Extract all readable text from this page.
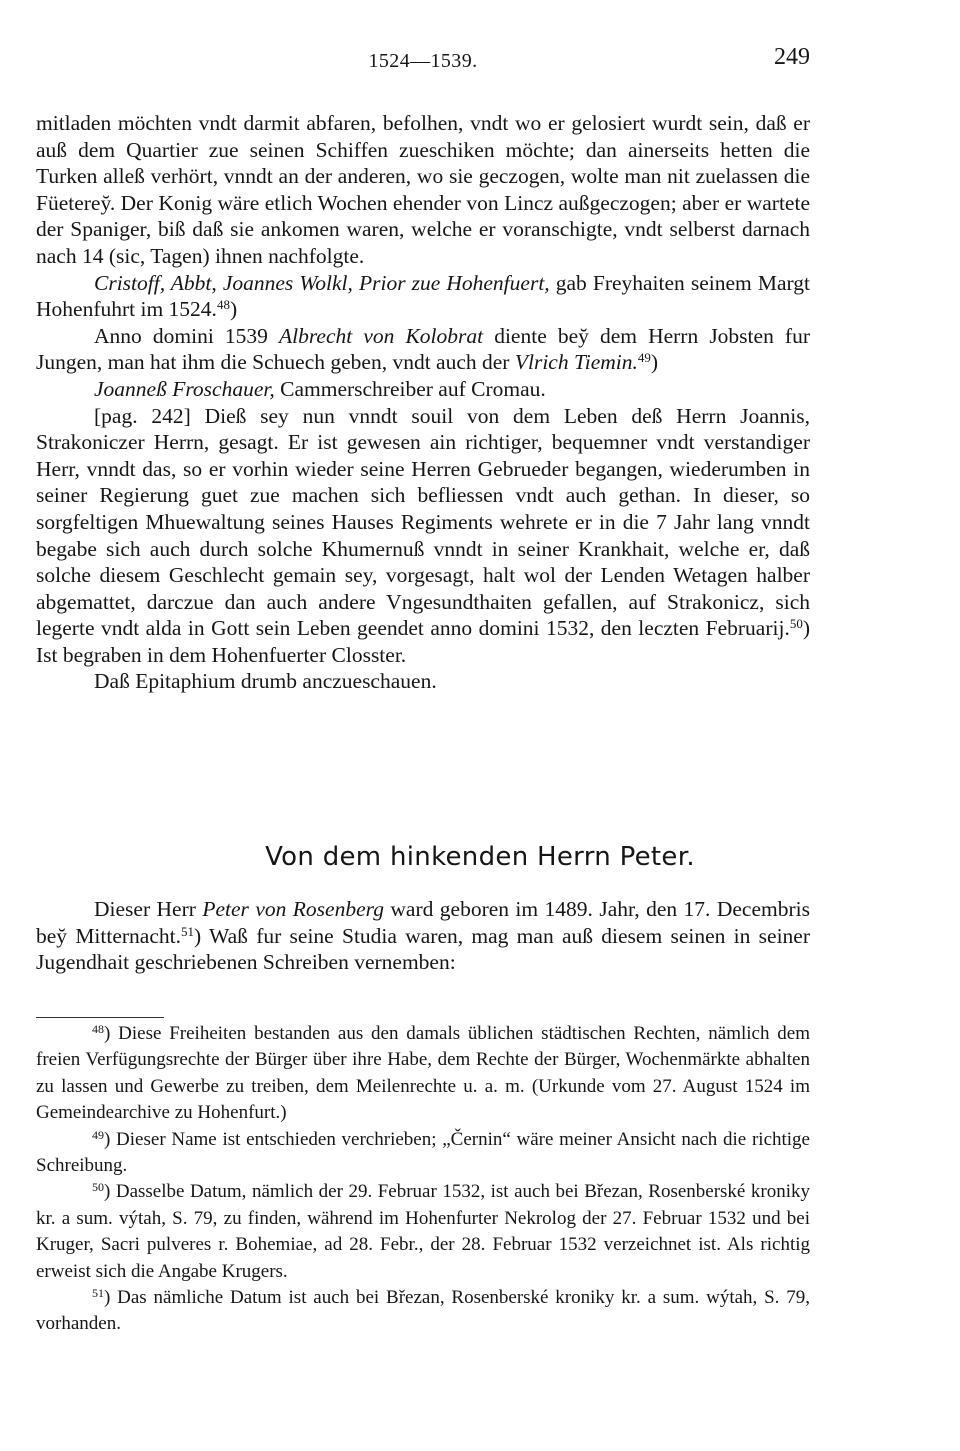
1524—1539.	249

mitladen möchten vndt darmit abfaren, befolhen, vndt wo er gelosiert wurdt sein, daß er auß dem Quartier zue seinen Schiffen zueschiken möchte; dan ainerseits hetten die Turken alleß verhört, vnndt an der anderen, wo sie geczogen, wolte man nit zuelassen die Füeterey̆. Der Konig wäre etlich Wochen ehender von Lincz außgeczogen; aber er wartete der Spaniger, biß daß sie ankomen waren, welche er voranschigte, vndt selberst darnach nach 14 (sic, Tagen) ihnen nachfolgte.

Cristoff, Abbt, Joannes Wolkl, Prior zue Hohenfuert, gab Freyhaiten seinem Margt Hohenfuhrt im 1524.48)

Anno domini 1539 Albrecht von Kolobrat diente bey̆ dem Herrn Jobsten fur Jungen, man hat ihm die Schuech geben, vndt auch der Vlrich Tiemin.$^{49}$)

Joanneß Froschauer, Cammerschreiber auf Cromau.

[pag. 242] Dieß sey nun vnndt souil von dem Leben deß Herrn Joannis, Strakoniczer Herrn, gesagt. Er ist gewesen ain richtiger, bequemner vndt verstandiger Herr, vnndt das, so er vorhin wieder seine Herren Gebrueder begangen, wiederumben in seiner Regierung guet zue machen sich befliessen vndt auch gethan. In dieser, so sorgfeltigen Mhuewaltung seines Hauses Regiments wehrete er in die 7 Jahr lang vnndt begabe sich auch durch solche Khumernuß vnndt in seiner Krankhait, welche er, daß solche diesem Geschlecht gemain sey, vorgesagt, halt wol der Lenden Wetagen halber abgemattet, darczue dan auch andere Vngesundthaiten gefallen, auf Strakonicz, sich legerte vndt alda in Gott sein Leben geendet anno domini 1532, den leczten Februarij.$^{50}$) Ist begraben in dem Hohenfuerter Closster.

Daß Epitaphium drumb anczueschauen.

Von dem hinkenden Herrn Peter.

Dieser Herr Peter von Rosenberg ward geboren im 1489. Jahr, den 17. Decembris bey̆ Mitternacht.$^{51}$) Waß fur seine Studia waren, mag man auß diesem seinen in seiner Jugendhait geschriebenen Schreiben vernemben:

$^{48}$) Diese Freiheiten bestanden aus den damals üblichen städtischen Rechten, nämlich dem freien Verfügungsrechte der Bürger über ihre Habe, dem Rechte der Bürger, Wochenmärkte abhalten zu lassen und Gewerbe zu treiben, dem Meilenrechte u. a. m. (Urkunde vom 27. August 1524 im Gemeindearchive zu Hohenfurt.)

$^{49}$) Dieser Name ist entschieden verchrieben; „Černin“ wäre meiner Ansicht nach die richtige Schreibung.

$^{50}$) Dasselbe Datum, nämlich der 29. Februar 1532, ist auch bei Březan, Rosenberské kroniky kr. a sum. výtah, S. 79, zu finden, während im Hohenfurter Nekrolog der 27. Februar 1532 und bei Kruger, Sacri pulveres r. Bohemiae, ad 28. Febr., der 28. Februar 1532 verzeichnet ist. Als richtig erweist sich die Angabe Krugers.

$^{51}$) Das nämliche Datum ist auch bei Březan, Rosenberské kroniky kr. a sum. wýtah, S. 79, vorhanden.
